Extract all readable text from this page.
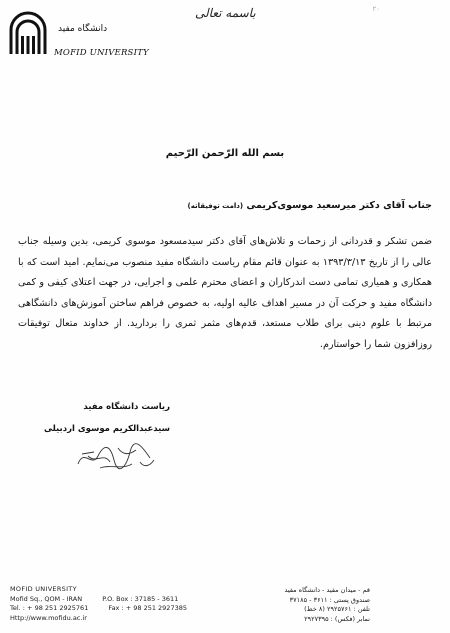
دانشگاه مفید
MOFID UNIVERSITY
باسمه تعالی	۲۰
بسم الله الرّحمن الرّحیم
جناب آقای دکتر میرسعید موسوی‌کریمی (دامت توفیقاته)
ضمن تشکر و قدردانی از زحمات و تلاش‌های آقای دکتر سیدمسعود موسوی کریمی، بدین وسیله جناب عالی را از تاریخ ۱۳۹۳/۳/۱۳ به عنوان قائم مقام ریاست دانشگاه مفید منصوب می‌نمایم. امید است که با همکاری و همیاری تمامی دست اندرکاران و اعضای محترم علمی و اجرایی، در جهت اعتلای کیفی و کمی دانشگاه مفید و حرکت آن در مسیر اهداف عالیه اولیه، به خصوص فراهم ساختن آموزش‌های دانشگاهی مرتبط با علوم دینی برای طلاب مستعد، قدم‌های مثمر ثمری را بردارید. از خداوند متعال توفیقات روزافزون شما را خواستارم.
ریاست دانشگاه مفید
سیدعبدالکریم موسوی اردبیلی
MOFID UNIVERSITY
Mofid Sq., QOM - IRAN	P.O. Box : 37185 - 3611
Tel. : + 98 251 2925761	Fax : + 98 251 2927385
Http://www.mofidu.ac.ir
قم - میدان مفید - دانشگاه مفید
صندوق پستی : ۳۶۱۱ - ۳۷۱۸۵
تلفن : ۲۹۲۵۷۶۱ (۸ خط)
نمابر (فکس) : ۲۹۲۷۳۹۵
